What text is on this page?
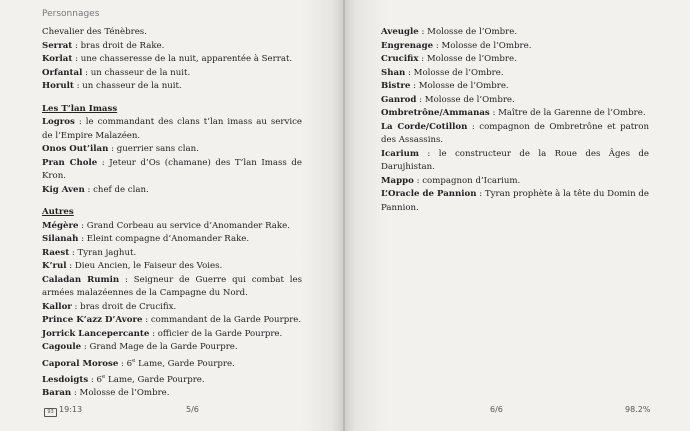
Personnages

Chevalier des Ténèbres.

Serrat : bras droit de Rake.

Korlat : une chasseresse de la nuit, apparentée à Serrat.

Orfantal : un chasseur de la nuit.

Horult : un chasseur de la nuit.

Les T’lan Imass

Logros : le commandant des clans t’lan imass au service de l’Empire Malazéen.

Onos Out’ilan : guerrier sans clan.

Pran Chole : Jeteur d’Os (chamane) des T’lan Imass de Kron.

Kig Aven : chef de clan.

Autres

Mégère : Grand Corbeau au service d’Anomander Rake.

Silanah : Eleint compagne d’Anomander Rake.

Raest : Tyran jaghut.

K’rul : Dieu Ancien, le Faiseur des Voies.

Caladan Rumin : Seigneur de Guerre qui combat les armées malazéennes de la Campagne du Nord.

Kallor : bras droit de Crucifix.

Prince K’azz D’Avore : commandant de la Garde Pourpre.

Jorrick Lancepercante : officier de la Garde Pourpre.

Cagoule : Grand Mage de la Garde Pourpre.

Caporal Morose : 6e Lame, Garde Pourpre.

Lesdoigts : 6e Lame, Garde Pourpre.

Baran : Molosse de l’Ombre.

93 19:13	5/6

Aveugle : Molosse de l’Ombre.

Engrenage : Molosse de l’Ombre.

Crucifix : Molosse de l’Ombre.

Shan : Molosse de l’Ombre.

Bistre : Molosse de l’Ombre.

Ganrod : Molosse de l’Ombre.

Ombretrône/Ammanas : Maître de la Garenne de l’Ombre.

La Corde/Cotillon : compagnon de Ombretrône et patron des Assassins.

Icarium : le constructeur de la Roue des Âges de Darujhistan.

Mappo : compagnon d’Icarium.

L’Oracle de Pannion : Tyran prophète à la tête du Domin de Pannion.

6/6	98.2%
